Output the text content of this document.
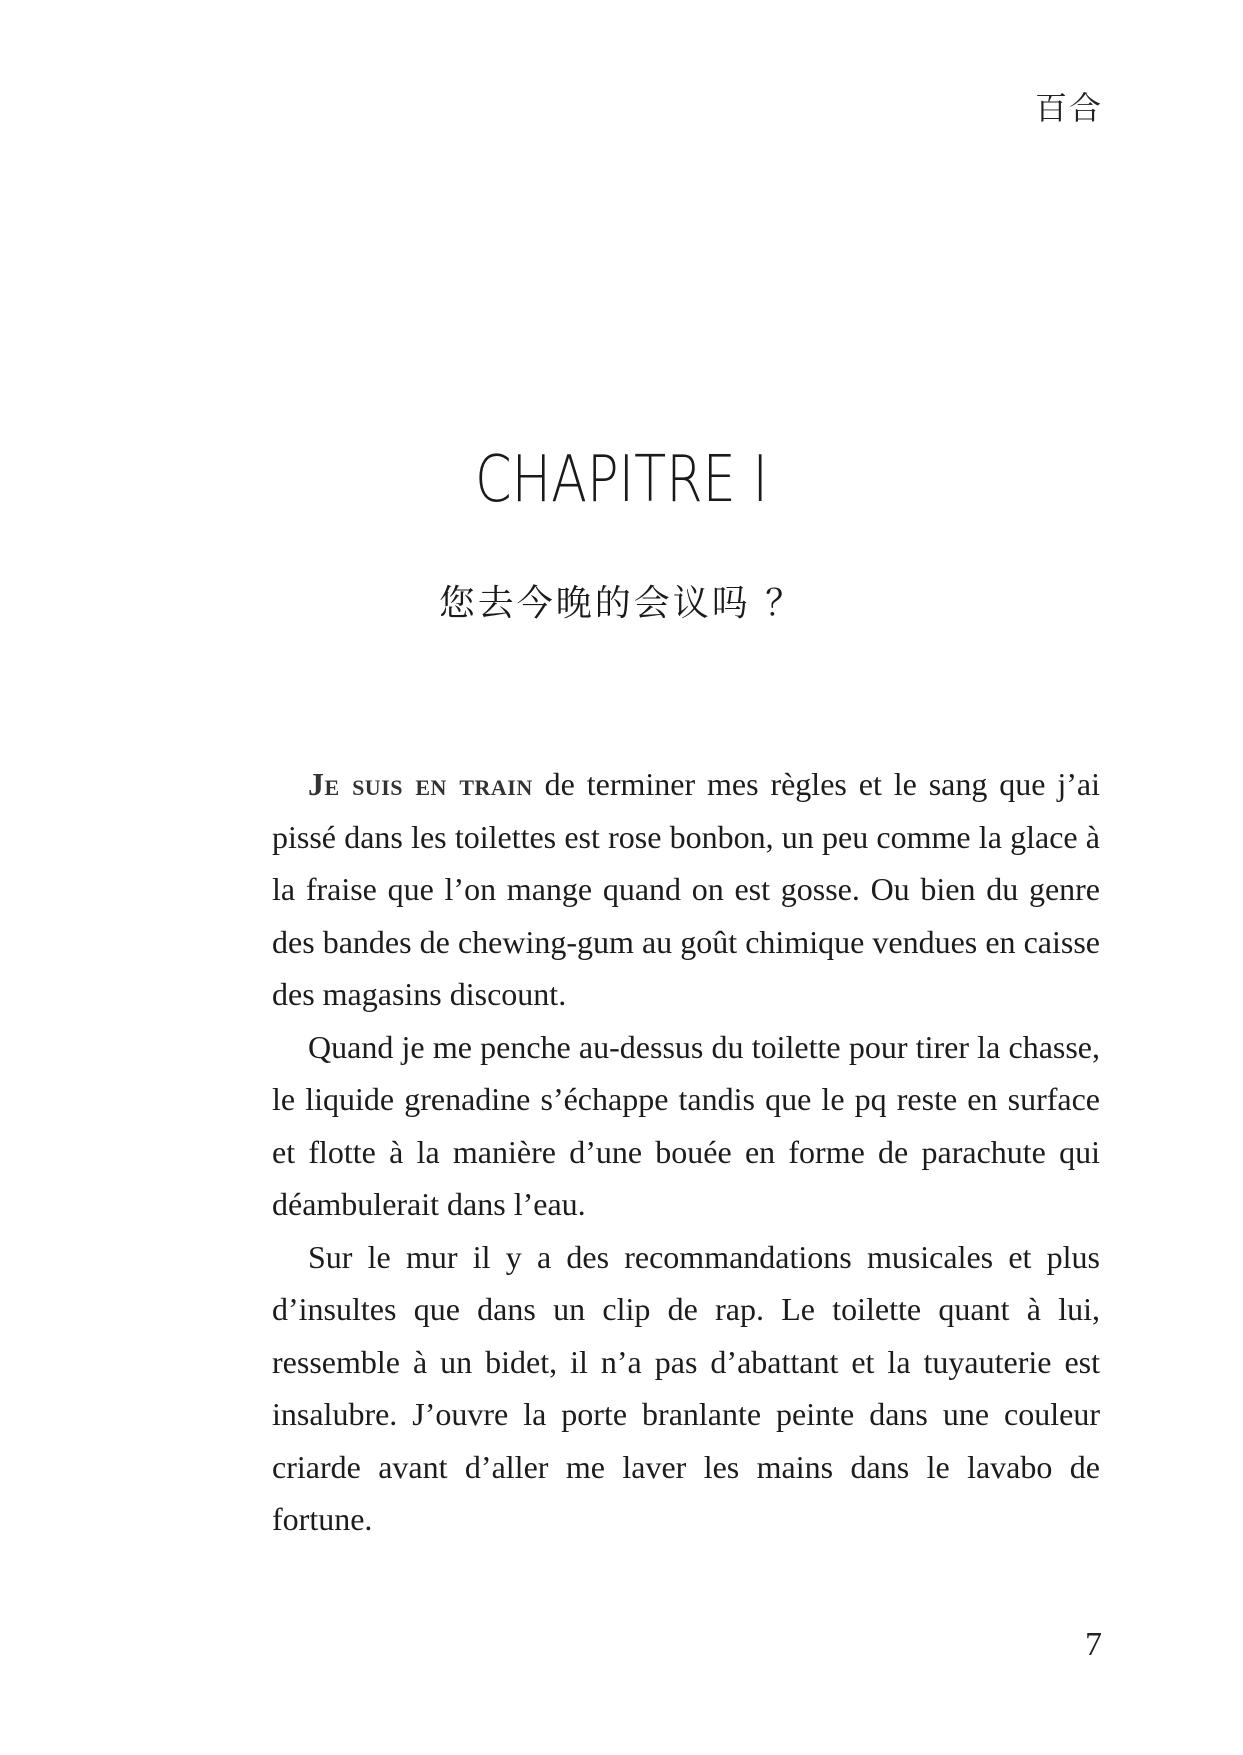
百合
CHAPITRE I
您去今晚的会议吗 ？

Je suis en train de terminer mes règles et le sang que j’ai pissé dans les toilettes est rose bonbon, un peu comme la glace à la fraise que l’on mange quand on est gosse. Ou bien du genre des bandes de chewing-gum au goût chimique vendues en caisse des magasins discount.

Quand je me penche au-dessus du toilette pour tirer la chasse, le liquide grenadine s’échappe tandis que le pq reste en surface et flotte à la manière d’une bouée en forme de parachute qui déambulerait dans l’eau.

Sur le mur il y a des recommandations musicales et plus d’insultes que dans un clip de rap. Le toilette quant à lui, ressemble à un bidet, il n’a pas d’abattant et la tuyauterie est insalubre. J’ouvre la porte branlante peinte dans une couleur criarde avant d’aller me laver les mains dans le lavabo de fortune.

7
